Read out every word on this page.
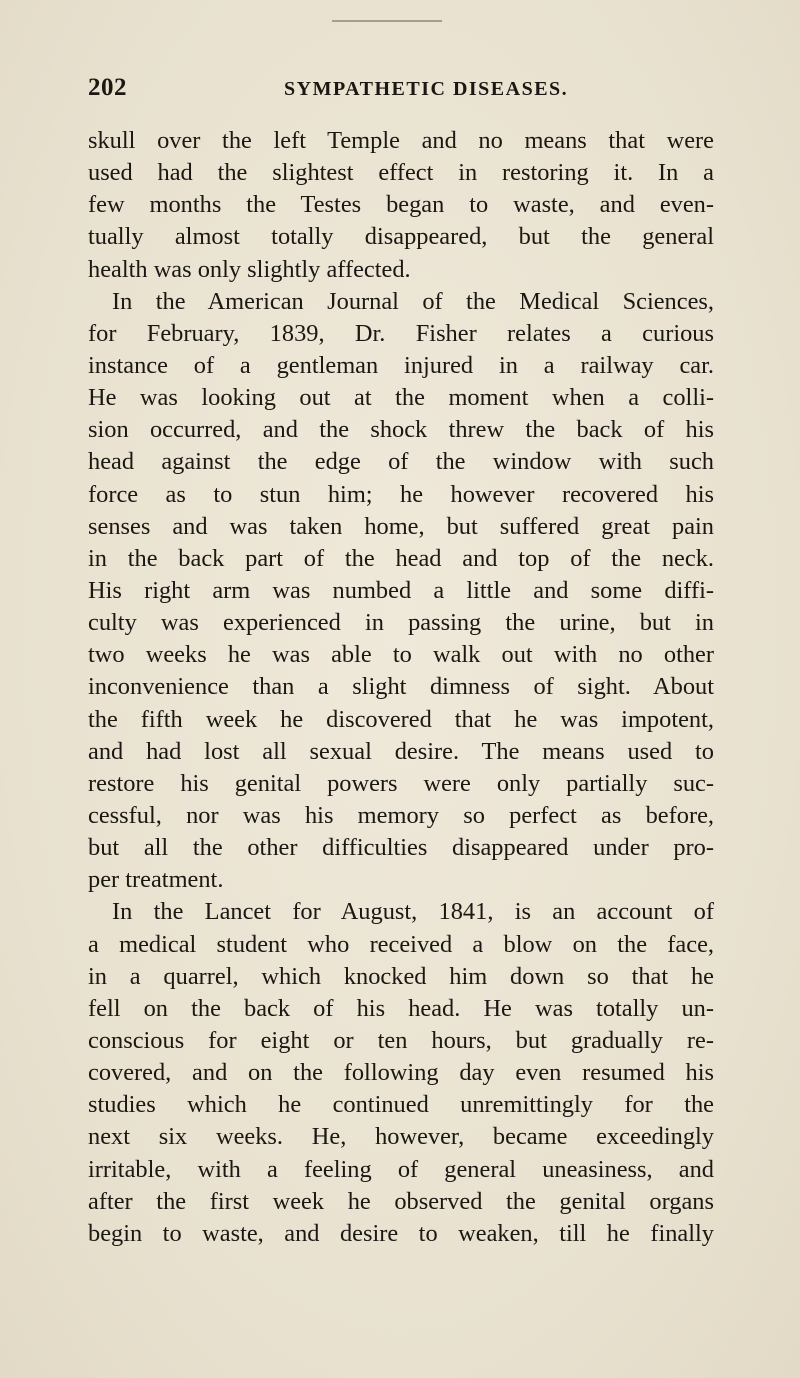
202	SYMPATHETIC DISEASES.
skull over the left Temple and no means that were
used had the slightest effect in restoring it. In a
few months the Testes began to waste, and even-
tually almost totally disappeared, but the general
health was only slightly affected.
In the American Journal of the Medical Sciences,
for February, 1839, Dr. Fisher relates a curious
instance of a gentleman injured in a railway car.
He was looking out at the moment when a colli-
sion occurred, and the shock threw the back of his
head against the edge of the window with such
force as to stun him; he however recovered his
senses and was taken home, but suffered great pain
in the back part of the head and top of the neck.
His right arm was numbed a little and some diffi-
culty was experienced in passing the urine, but in
two weeks he was able to walk out with no other
inconvenience than a slight dimness of sight. About
the fifth week he discovered that he was impotent,
and had lost all sexual desire. The means used to
restore his genital powers were only partially suc-
cessful, nor was his memory so perfect as before,
but all the other difficulties disappeared under pro-
per treatment.
In the Lancet for August, 1841, is an account of
a medical student who received a blow on the face,
in a quarrel, which knocked him down so that he
fell on the back of his head. He was totally un-
conscious for eight or ten hours, but gradually re-
covered, and on the following day even resumed his
studies which he continued unremittingly for the
next six weeks. He, however, became exceedingly
irritable, with a feeling of general uneasiness, and
after the first week he observed the genital organs
begin to waste, and desire to weaken, till he finally
